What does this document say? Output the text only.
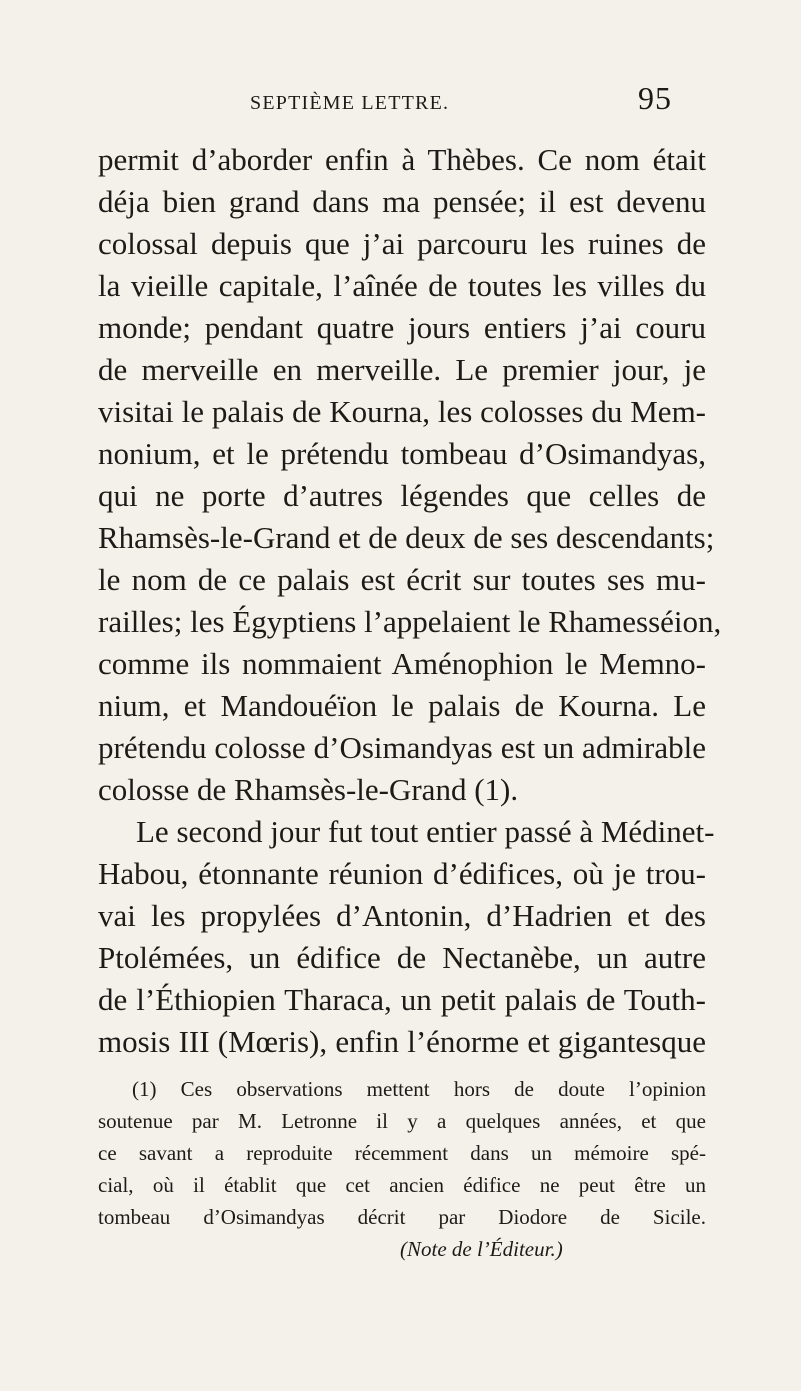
SEPTIÈME LETTRE.	95
permit d’aborder enfin à Thèbes. Ce nom était
déja bien grand dans ma pensée; il est devenu
colossal depuis que j’ai parcouru les ruines de
la vieille capitale, l’aînée de toutes les villes du
monde; pendant quatre jours entiers j’ai couru
de merveille en merveille. Le premier jour, je
visitai le palais de Kourna, les colosses du Mem-
nonium, et le prétendu tombeau d’Osimandyas,
qui ne porte d’autres légendes que celles de
Rhamsès-le-Grand et de deux de ses descendants;
le nom de ce palais est écrit sur toutes ses mu-
railles; les Égyptiens l’appelaient le Rhamesséion,
comme ils nommaient Aménophion le Memno-
nium, et Mandouéïon le palais de Kourna. Le
prétendu colosse d’Osimandyas est un admirable
colosse de Rhamsès-le-Grand (1).
Le second jour fut tout entier passé à Médinet-
Habou, étonnante réunion d’édifices, où je trou-
vai les propylées d’Antonin, d’Hadrien et des
Ptolémées, un édifice de Nectanèbe, un autre
de l’Éthiopien Tharaca, un petit palais de Touth-
mosis III (Mœris), enfin l’énorme et gigantesque
(1) Ces observations mettent hors de doute l’opinion
soutenue par M. Letronne il y a quelques années, et que
ce savant a reproduite récemment dans un mémoire spé-
cial, où il établit que cet ancien édifice ne peut être un
tombeau d’Osimandyas décrit par Diodore de Sicile.
(Note de l’Éditeur.)
